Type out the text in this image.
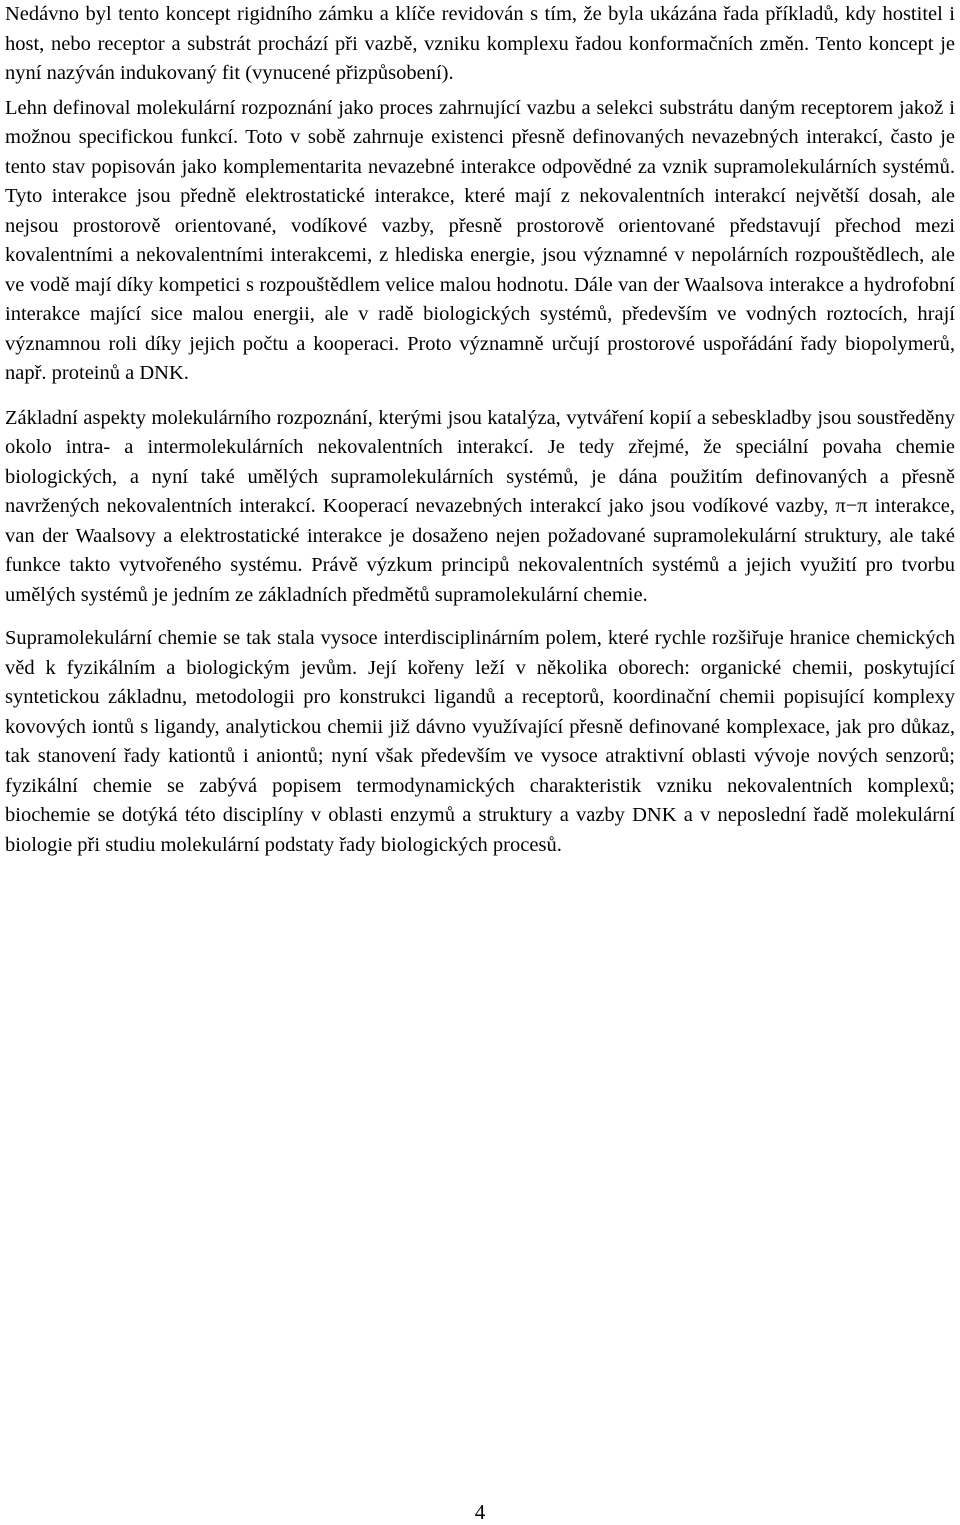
Nedávno byl tento koncept rigidního zámku a klíče revidován s tím, že byla ukázána řada příkladů, kdy hostitel i host, nebo receptor a substrát prochází při vazbě, vzniku komplexu řadou konformačních změn. Tento koncept je nyní nazýván indukovaný fit (vynucené přizpůsobení).

Lehn definoval molekulární rozpoznání jako proces zahrnující vazbu a selekci substrátu daným receptorem jakož i možnou specifickou funkcí. Toto v sobě zahrnuje existenci přesně definovaných nevazebných interakcí, často je tento stav popisován jako komplementarita nevazebné interakce odpovědné za vznik supramolekulárních systémů. Tyto interakce jsou předně elektrostatické interakce, které mají z nekovalentních interakcí největší dosah, ale nejsou prostorově orientované, vodíkové vazby, přesně prostorově orientované představují přechod mezi kovalentními a nekovalentními interakcemi, z hlediska energie, jsou významné v nepolárních rozpouštědlech, ale ve vodě mají díky kompetici s rozpouštědlem velice malou hodnotu. Dále van der Waalsova interakce a hydrofobní interakce mající sice malou energii, ale v radě biologických systémů, především ve vodných roztocích, hrají významnou roli díky jejich počtu a kooperaci. Proto významně určují prostorové uspořádání řady biopolymerů, např. proteinů a DNK.

Základní aspekty molekulárního rozpoznání, kterými jsou katalýza, vytváření kopií a sebeskladby jsou soustředěny okolo intra- a intermolekulárních nekovalentních interakcí. Je tedy zřejmé, že speciální povaha chemie biologických, a nyní také umělých supramolekulárních systémů, je dána použitím definovaných a přesně navržených nekovalentních interakcí. Kooperací nevazebných interakcí jako jsou vodíkové vazby, π−π interakce, van der Waalsovy a elektrostatické interakce je dosaženo nejen požadované supramolekulární struktury, ale také funkce takto vytvořeného systému. Právě výzkum principů nekovalentních systémů a jejich využití pro tvorbu umělých systémů je jedním ze základních předmětů supramolekulární chemie.

Supramolekulární chemie se tak stala vysoce interdisciplinárním polem, které rychle rozšiřuje hranice chemických věd k fyzikálním a biologickým jevům. Její kořeny leží v několika oborech: organické chemii, poskytující syntetickou základnu, metodologii pro konstrukci ligandů a receptorů, koordinační chemii popisující komplexy kovových iontů s ligandy, analytickou chemii již dávno využívající přesně definované komplexace, jak pro důkaz, tak stanovení řady kationtů i aniontů; nyní však především ve vysoce atraktivní oblasti vývoje nových senzorů; fyzikální chemie se zabývá popisem termodynamických charakteristik vzniku nekovalentních komplexů; biochemie se dotýká této disciplíny v oblasti enzymů a struktury a vazby DNK a v neposlední řadě molekulární biologie při studiu molekulární podstaty řady biologických procesů.

4
